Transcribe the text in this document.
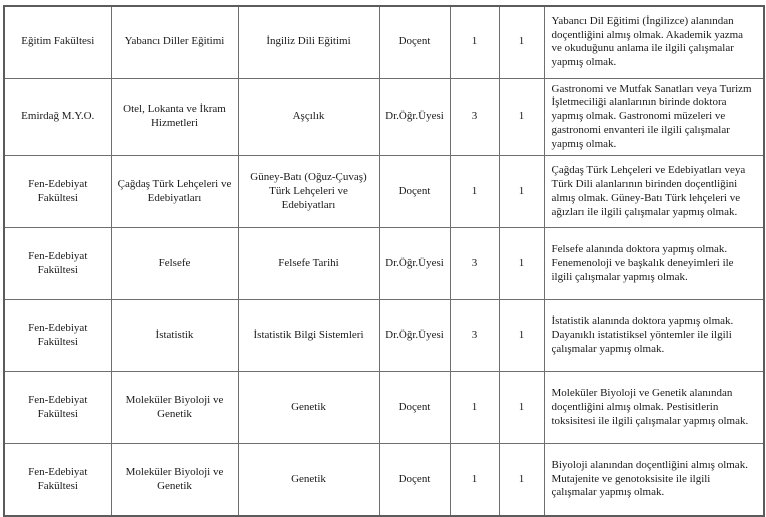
Eğitim Fakültesi	Yabancı Diller Eğitimi	İngiliz Dili Eğitimi	Doçent	1	1	Yabancı Dil Eğitimi (İngilizce) alanından doçentliğini almış olmak. Akademik yazma ve okuduğunu anlama ile ilgili çalışmalar yapmış olmak.
Emirdağ M.Y.O.	Otel, Lokanta ve İkram Hizmetleri	Aşçılık	Dr.Öğr.Üyesi	3	1	Gastronomi ve Mutfak Sanatları veya Turizm İşletmeciliği alanlarının birinde doktora yapmış olmak. Gastronomi müzeleri ve gastronomi envanteri ile ilgili çalışmalar yapmış olmak.
Fen-Edebiyat Fakültesi	Çağdaş Türk Lehçeleri ve Edebiyatları	Güney-Batı (Oğuz-Çuvaş) Türk Lehçeleri ve Edebiyatları	Doçent	1	1	Çağdaş Türk Lehçeleri ve Edebiyatları veya Türk Dili alanlarının birinden doçentliğini almış olmak. Güney-Batı Türk lehçeleri ve ağızları ile ilgili çalışmalar yapmış olmak.
Fen-Edebiyat Fakültesi	Felsefe	Felsefe Tarihi	Dr.Öğr.Üyesi	3	1	Felsefe alanında doktora yapmış olmak. Fenemenoloji ve başkalık deneyimleri ile ilgili çalışmalar yapmış olmak.
Fen-Edebiyat Fakültesi	İstatistik	İstatistik Bilgi Sistemleri	Dr.Öğr.Üyesi	3	1	İstatistik alanında doktora yapmış olmak. Dayanıklı istatistiksel yöntemler ile ilgili çalışmalar yapmış olmak.
Fen-Edebiyat Fakültesi	Moleküler Biyoloji ve Genetik	Genetik	Doçent	1	1	Moleküler Biyoloji ve Genetik alanından doçentliğini almış olmak. Pestisitlerin toksisitesi ile ilgili çalışmalar yapmış olmak.
Fen-Edebiyat Fakültesi	Moleküler Biyoloji ve Genetik	Genetik	Doçent	1	1	Biyoloji alanından doçentliğini almış olmak. Mutajenite ve genotoksisite ile ilgili çalışmalar yapmış olmak.
